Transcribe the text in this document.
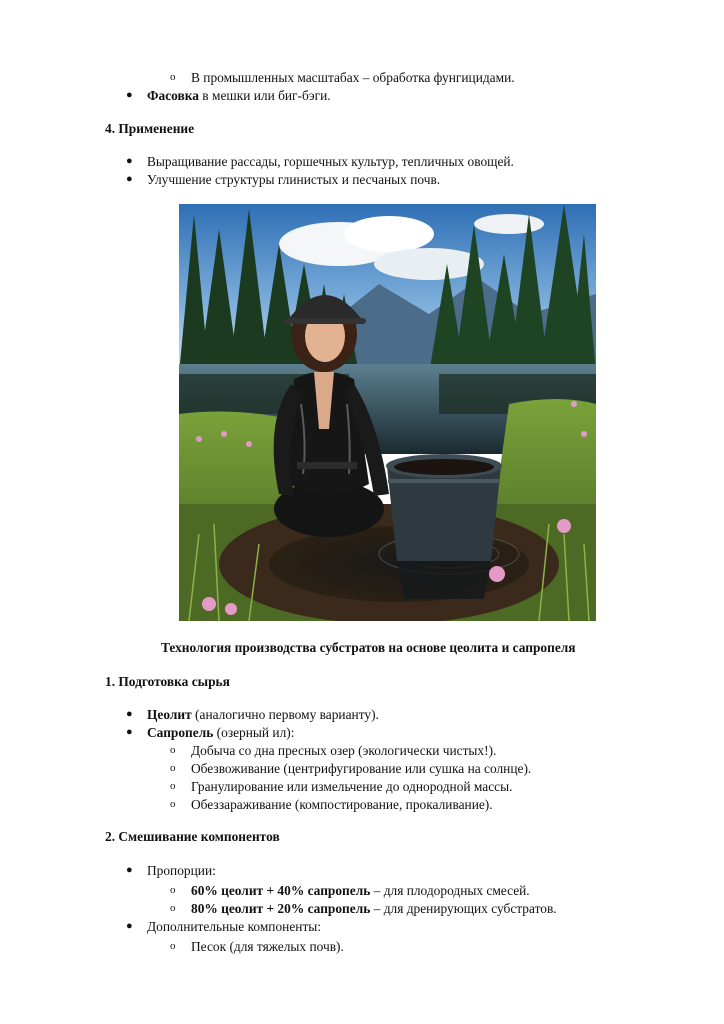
o В промышленных масштабах – обработка фунгицидами.
● Фасовка в мешки или биг-бэги.
4. Применение
● Выращивание рассады, горшечных культур, тепличных овощей.
● Улучшение структуры глинистых и песчаных почв.
Технология производства субстратов на основе цеолита и сапропеля
1. Подготовка сырья
● Цеолит (аналогично первому варианту).
● Сапропель (озерный ил):
o Добыча со дна пресных озер (экологически чистых!).
o Обезвоживание (центрифугирование или сушка на солнце).
o Гранулирование или измельчение до однородной массы.
o Обеззараживание (компостирование, прокаливание).
2. Смешивание компонентов
● Пропорции:
o 60% цеолит + 40% сапропель – для плодородных смесей.
o 80% цеолит + 20% сапропель – для дренирующих субстратов.
● Дополнительные компоненты:
o Песок (для тяжелых почв).
